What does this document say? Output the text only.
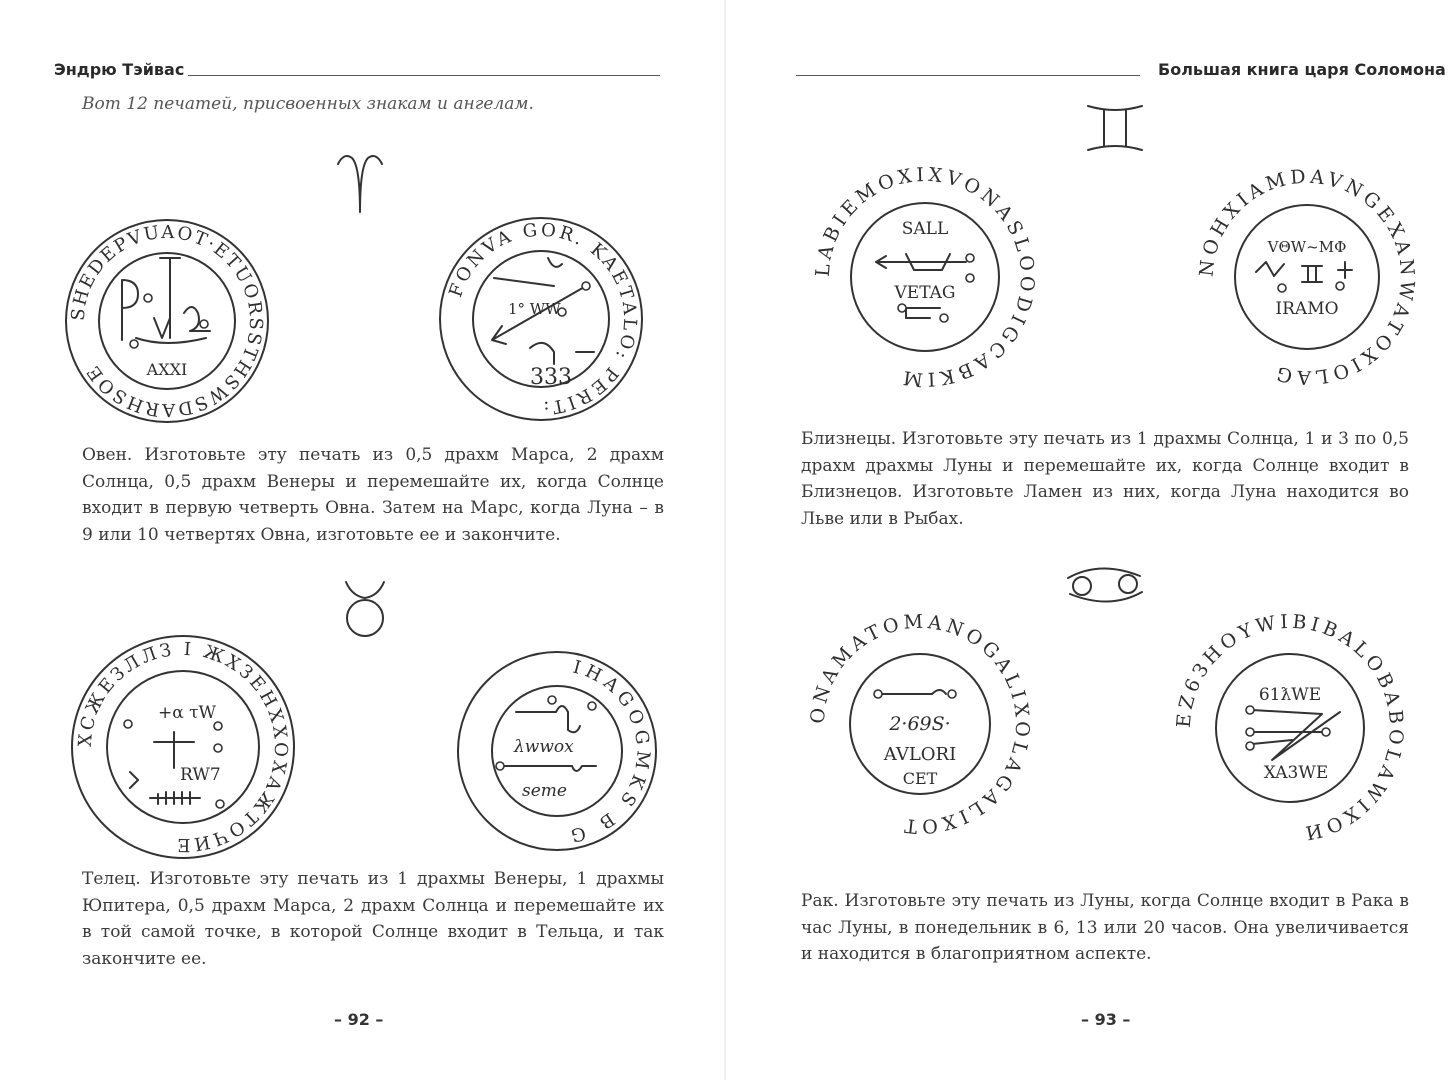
Эндрю Тэйвас
Вот 12 печатей, присвоенных знакам и ангелам.
SHEDEPVUAOT·ETUORSSTHSWSDARHSOE	AXXI
FONVA GOR. KAETALO: PERIT:
1° WW
333

Овен. Изготовьте эту печать из 0,5 драхм Марса, 2 драхм Солнца, 0,5 драхм Венеры и перемешайте их, когда Солнце входит в первую четверть Овна. Затем на Марс, когда Луна – в 9 или 10 четвертях Овна, изготовьте ее и закончите.

XCЖЕЗЛЛЗ I ЖХЗЕНХХОХАЖТОЧИЕ
+α τW
RW7
IHAGOGMKS B G
λwwox
seme

Телец. Изготовьте эту печать из 1 драхмы Венеры, 1 драхмы Юпитера, 0,5 драхм Марса, 2 драхм Солнца и перемешайте их в той самой точке, в которой Солнце входит в Тельца, и так закончите ее.

– 92 –
Большая книга царя Соломона
LABIEMOXIXVONASLOODIGCABKIM
SALL
VETAG
NOHXIAMDAVNGEXANWATOXIOLAG
VΘW~MΦ
IRAMO

Близнецы. Изготовьте эту печать из 1 драхмы Солнца, 1 и 3 по 0,5 драхм драхмы Луны и перемешайте их, когда Солнце входит в Близнецов. Изготовьте Ламен из них, когда Луна находится во Льве или в Рыбах.

ONAMATOMANOGALIXOLAGALIXOT
2·69S·
AVLORI
CET
EZ6ЗHOYWIBIBALOBABOLAWIXOИ
61ƛWE
XA3WE

Рак. Изготовьте эту печать из Луны, когда Солнце входит в Рака в час Луны, в понедельник в 6, 13 или 20 часов. Она увеличивается и находится в благоприятном аспекте.

– 93 –
